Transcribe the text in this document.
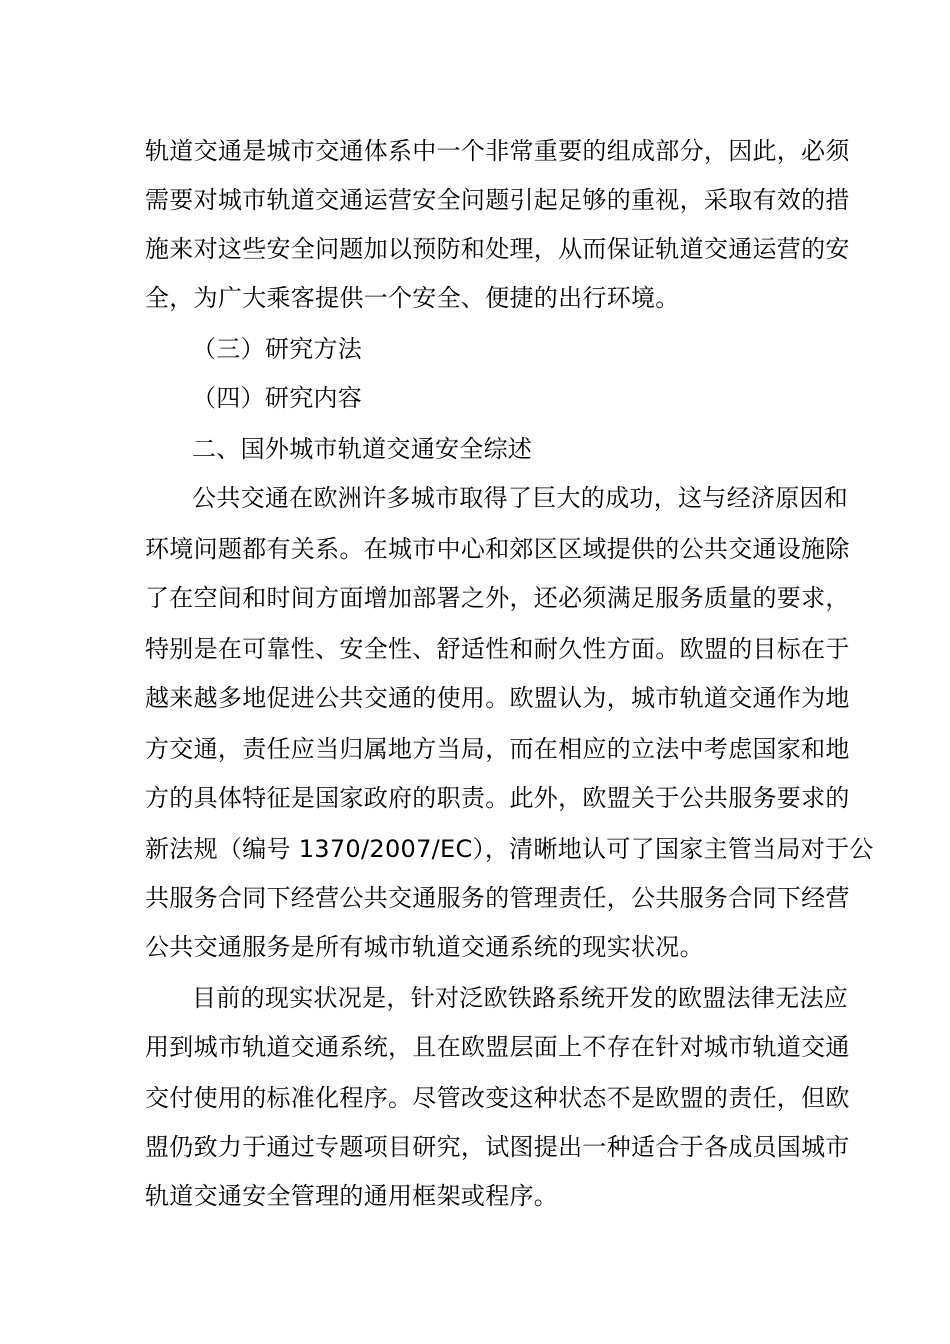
轨道交通是城市交通体系中一个非常重要的组成部分，因此，必须
需要对城市轨道交通运营安全问题引起足够的重视，采取有效的措
施来对这些安全问题加以预防和处理，从而保证轨道交通运营的安
全，为广大乘客提供一个安全、便捷的出行环境。
（三）研究方法
（四）研究内容
二、国外城市轨道交通安全综述
公共交通在欧洲许多城市取得了巨大的成功，这与经济原因和
环境问题都有关系。在城市中心和郊区区域提供的公共交通设施除
了在空间和时间方面增加部署之外，还必须满足服务质量的要求，
特别是在可靠性、安全性、舒适性和耐久性方面。欧盟的目标在于
越来越多地促进公共交通的使用。欧盟认为，城市轨道交通作为地
方交通，责任应当归属地方当局，而在相应的立法中考虑国家和地
方的具体特征是国家政府的职责。此外，欧盟关于公共服务要求的
新法规（编号 1370/2007/EC），清晰地认可了国家主管当局对于公
共服务合同下经营公共交通服务的管理责任，公共服务合同下经营
公共交通服务是所有城市轨道交通系统的现实状况。
目前的现实状况是，针对泛欧铁路系统开发的欧盟法律无法应
用到城市轨道交通系统，且在欧盟层面上不存在针对城市轨道交通
交付使用的标准化程序。尽管改变这种状态不是欧盟的责任，但欧
盟仍致力于通过专题项目研究，试图提出一种适合于各成员国城市
轨道交通安全管理的通用框架或程序。
